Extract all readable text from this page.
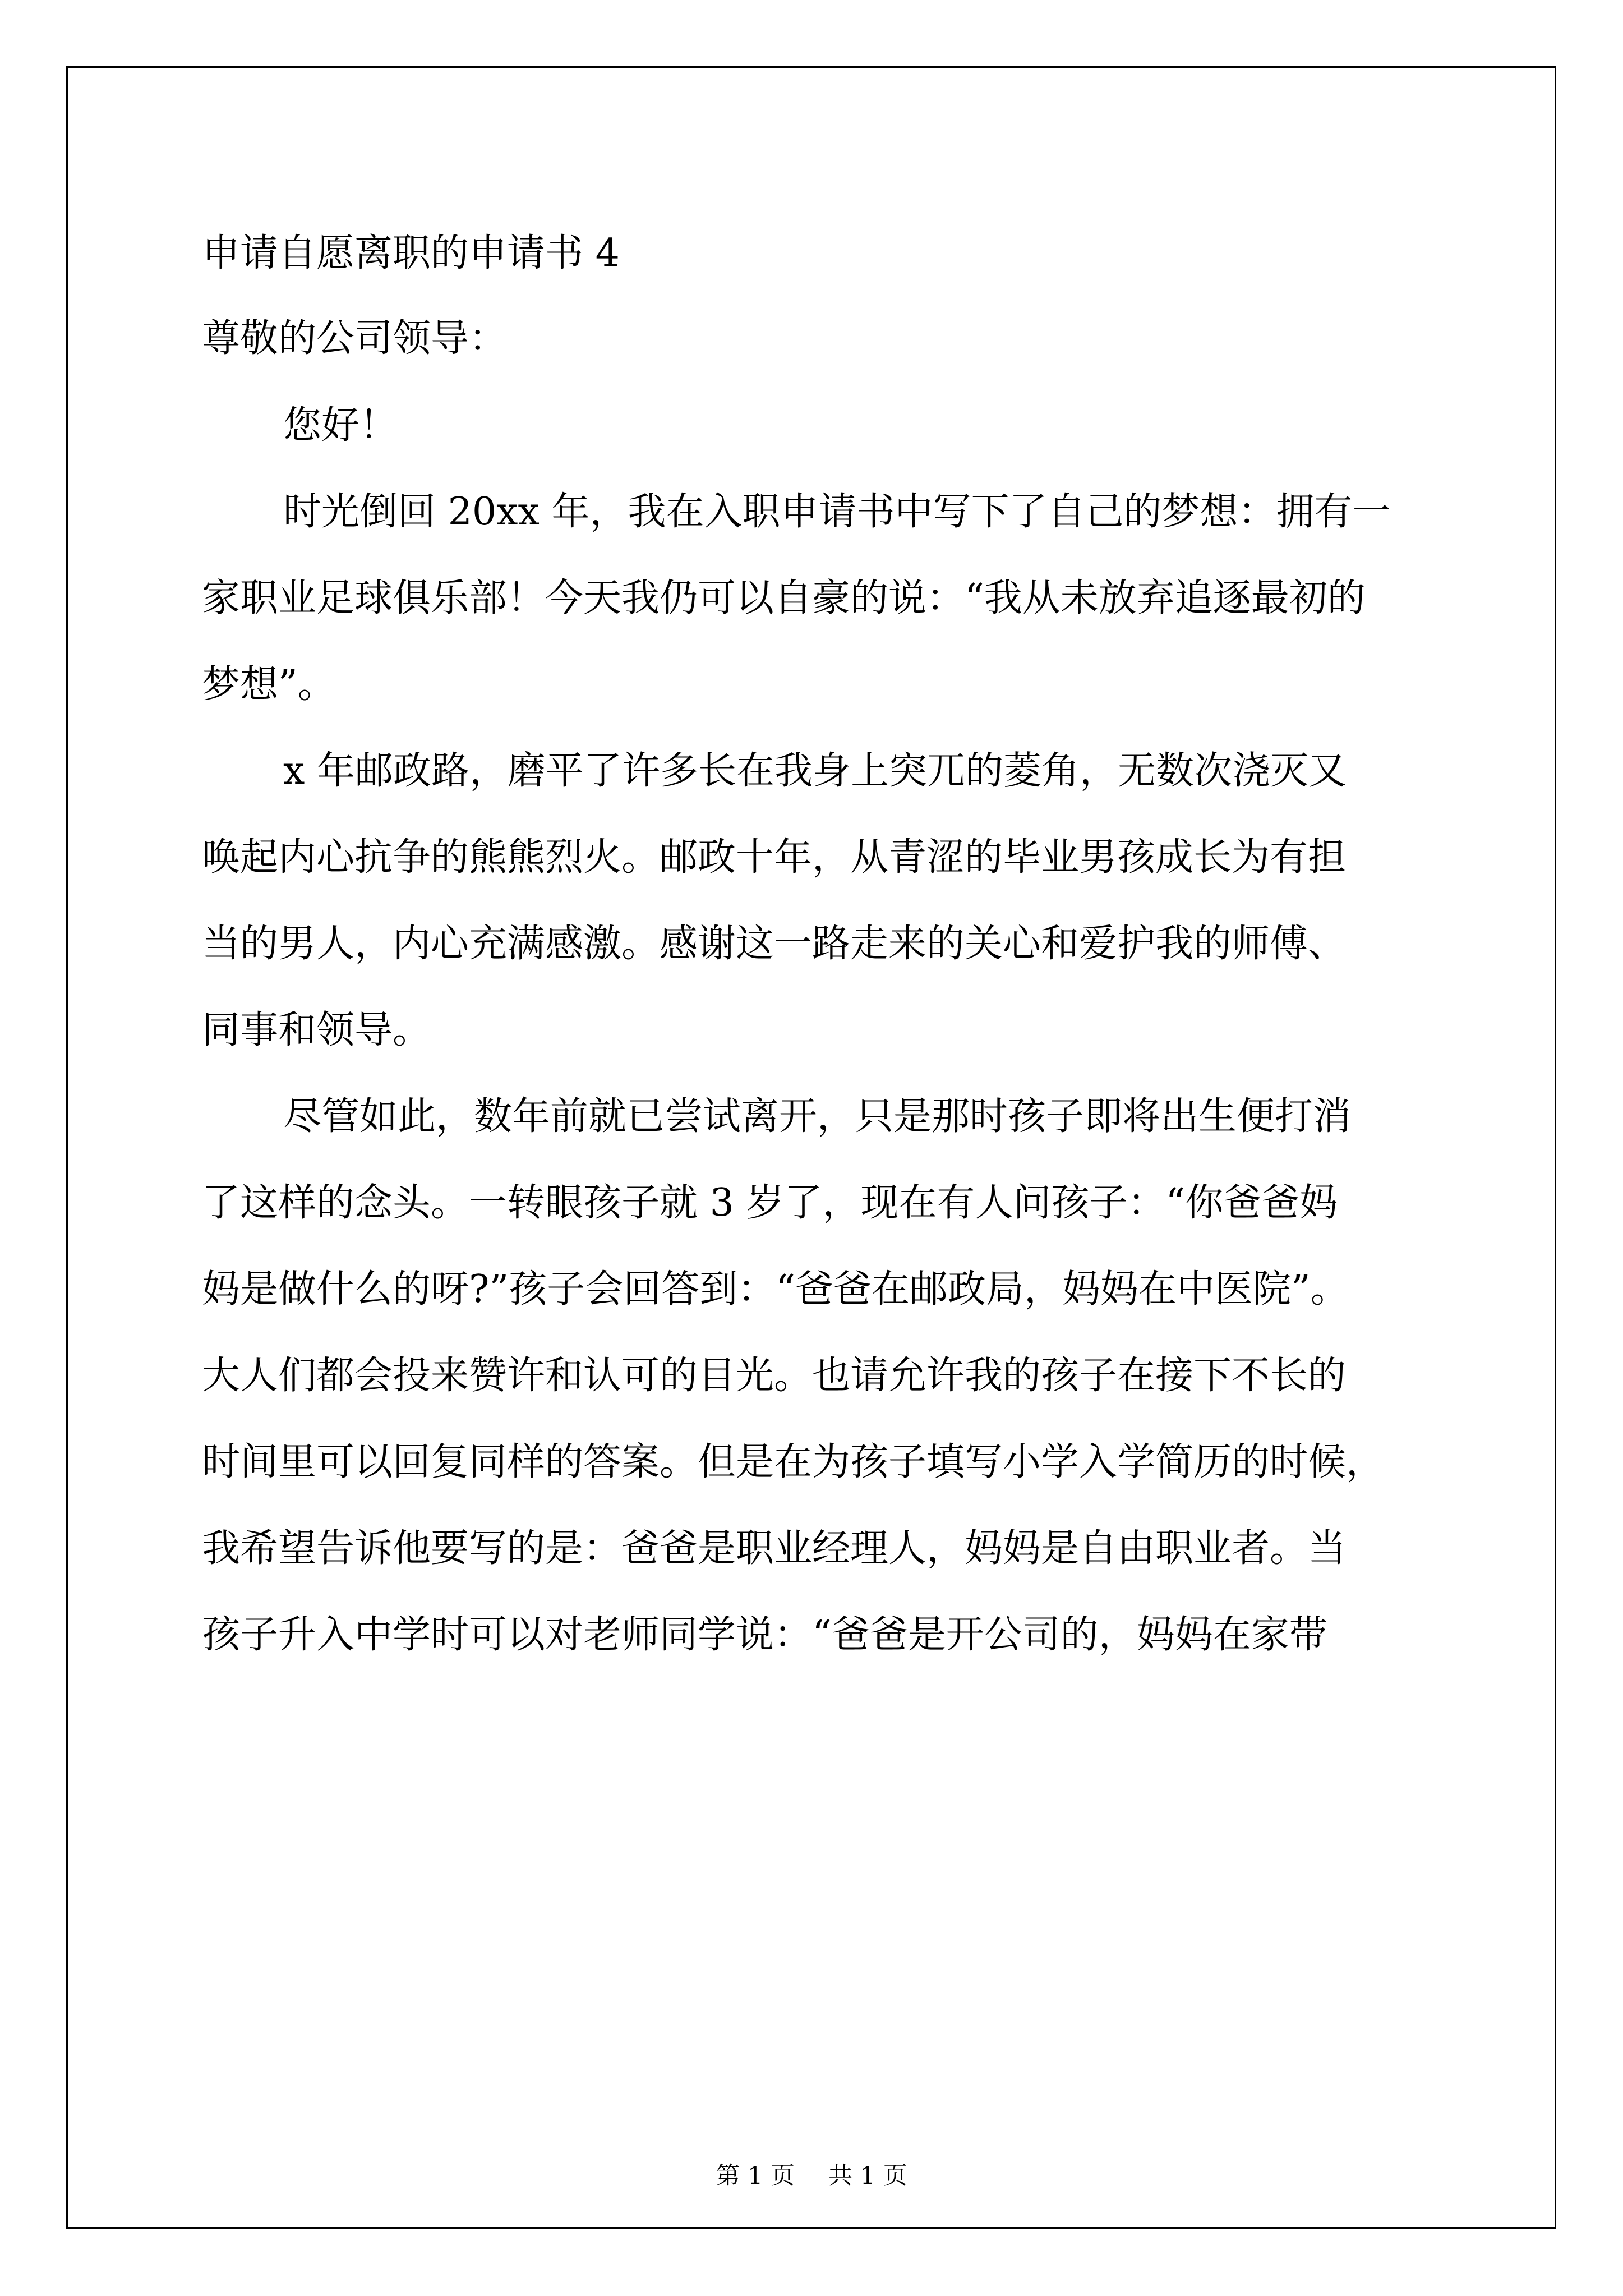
申请自愿离职的申请书 4
尊敬的公司领导：
您好！
时光倒回 20xx 年，我在入职申请书中写下了自己的梦想：拥有一
家职业足球俱乐部！今天我仍可以自豪的说：“我从未放弃追逐最初的
梦想”。
x 年邮政路，磨平了许多长在我身上突兀的菱角，无数次浇灭又
唤起内心抗争的熊熊烈火。邮政十年，从青涩的毕业男孩成长为有担
当的男人，内心充满感激。感谢这一路走来的关心和爱护我的师傅、
同事和领导。
尽管如此，数年前就已尝试离开，只是那时孩子即将出生便打消
了这样的念头。一转眼孩子就 3 岁了，现在有人问孩子：“你爸爸妈
妈是做什么的呀?”孩子会回答到：“爸爸在邮政局，妈妈在中医院”。
大人们都会投来赞许和认可的目光。也请允许我的孩子在接下不长的
时间里可以回复同样的答案。但是在为孩子填写小学入学简历的时候，
我希望告诉他要写的是：爸爸是职业经理人，妈妈是自由职业者。当
孩子升入中学时可以对老师同学说：“爸爸是开公司的，妈妈在家带
第 1 页 共 1 页
